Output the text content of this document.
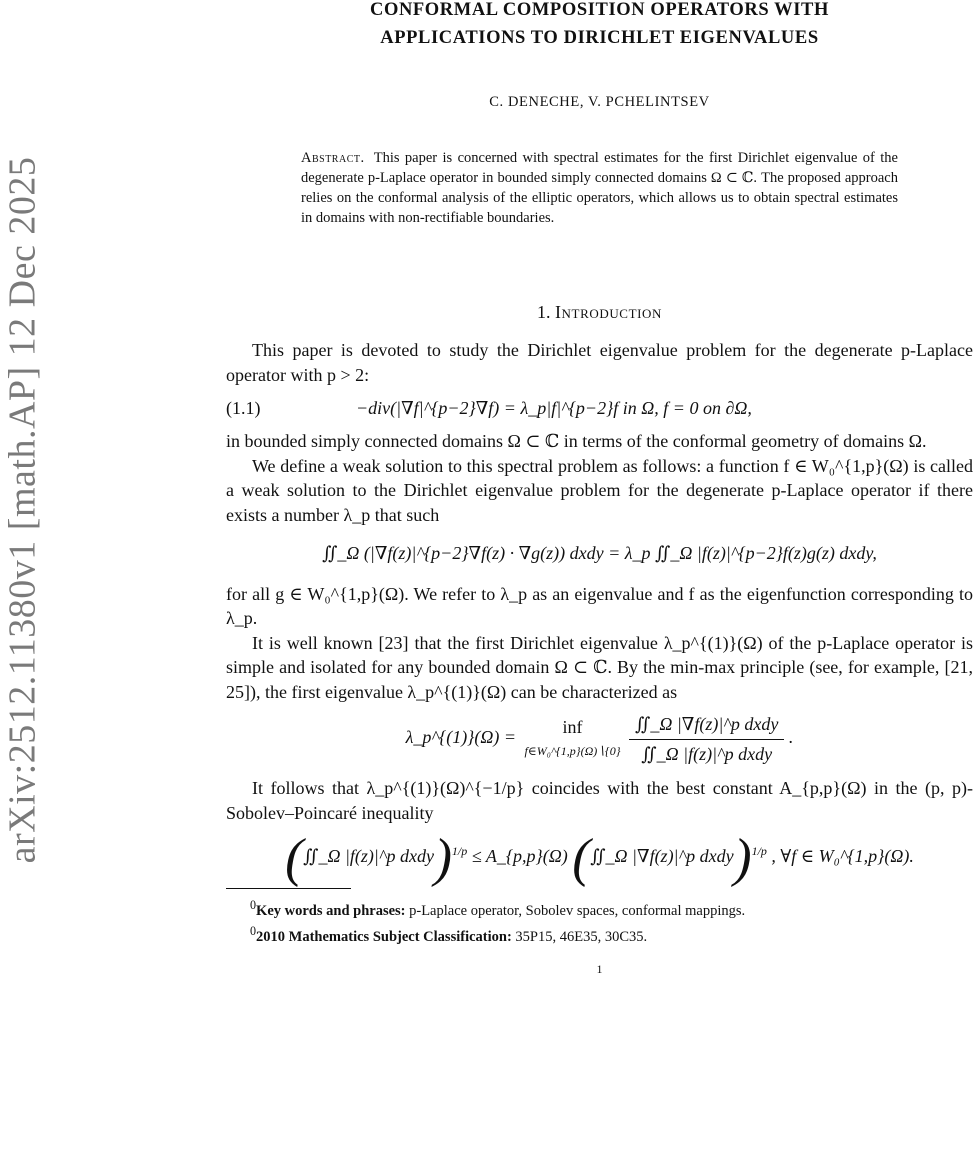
arXiv:2512.11380v1 [math.AP] 12 Dec 2025
CONFORMAL COMPOSITION OPERATORS WITH
APPLICATIONS TO DIRICHLET EIGENVALUES
C. DENECHE, V. PCHELINTSEV
Abstract. This paper is concerned with spectral estimates for the first Dirichlet eigenvalue of the degenerate p-Laplace operator in bounded simply connected domains Ω ⊂ ℂ. The proposed approach relies on the conformal analysis of the elliptic operators, which allows us to obtain spectral estimates in domains with non-rectifiable boundaries.
1. Introduction

This paper is devoted to study the Dirichlet eigenvalue problem for the degenerate p-Laplace operator with p > 2:

(1.1)	−div(|∇f|^{p−2}∇f) = λ_p|f|^{p−2}f in Ω, f = 0 on ∂Ω,

in bounded simply connected domains Ω ⊂ ℂ in terms of the conformal geometry of domains Ω.

We define a weak solution to this spectral problem as follows: a function f ∈ W₀^{1,p}(Ω) is called a weak solution to the Dirichlet eigenvalue problem for the degenerate p-Laplace operator if there exists a number λ_p that such

∬_Ω (|∇f(z)|^{p−2}∇f(z) · ∇g(z)) dxdy = λ_p ∬_Ω |f(z)|^{p−2}f(z)g(z) dxdy,

for all g ∈ W₀^{1,p}(Ω). We refer to λ_p as an eigenvalue and f as the eigenfunction corresponding to λ_p.

It is well known [23] that the first Dirichlet eigenvalue λ_p^{(1)}(Ω) of the p-Laplace operator is simple and isolated for any bounded domain Ω ⊂ ℂ. By the min-max principle (see, for example, [21, 25]), the first eigenvalue λ_p^{(1)}(Ω) can be characterized as

λ_p^{(1)}(Ω) =
inf
f∈W₀^{1,p}(Ω)∖{0}
$\frac{\text{∬\_Ω |∇f(z)|\textasciicircum{}p dxdy}}{\text{∬\_Ω |f(z)|\textasciicircum{}p dxdy}}$ .

It follows that λ_p^{(1)}(Ω)^{−1/p} coincides with the best constant A_{p,p}(Ω) in the (p, p)-Sobolev–Poincaré inequality

(∬_Ω |f(z)|^p dxdy)$^{1/p}$ ≤ A_{p,p}(Ω) (∬_Ω |∇f(z)|^p dxdy)$^{1/p}$ , ∀f ∈ W₀^{1,p}(Ω).
$^0$Key words and phrases: p-Laplace operator, Sobolev spaces, conformal mappings.
$^0$2010 Mathematics Subject Classification: 35P15, 46E35, 30C35.
1
